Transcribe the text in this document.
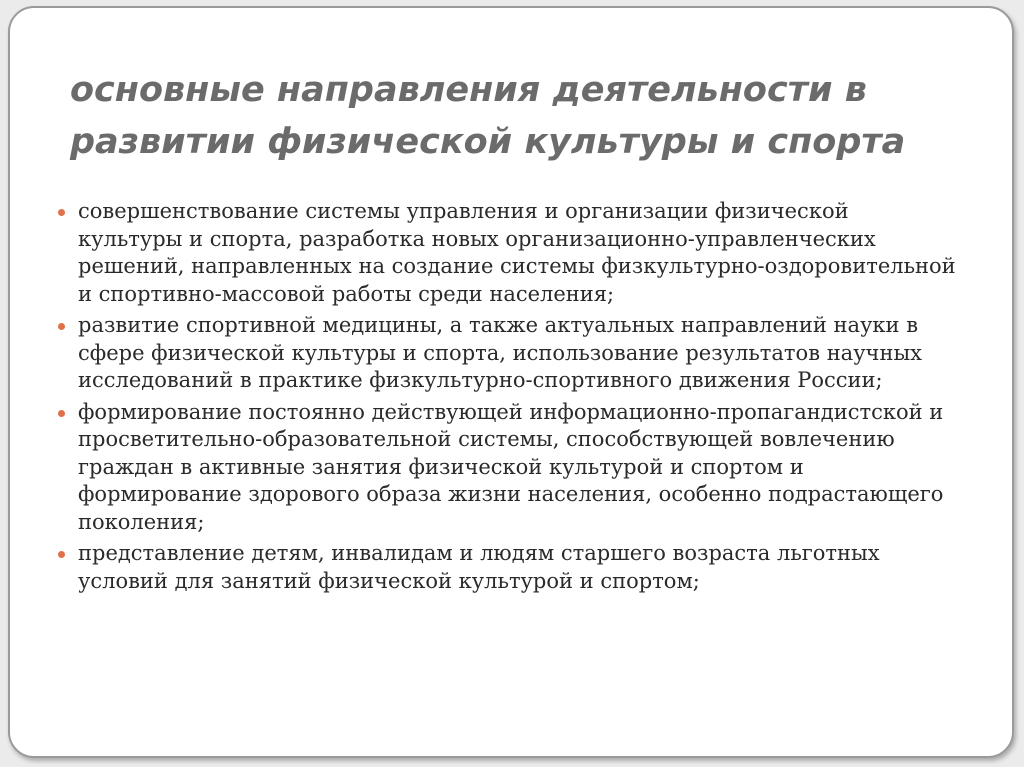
основные направления деятельности в развитии физической культуры и спорта
совершенствование системы управления и организации физической культуры и спорта, разработка новых организационно-управленческих решений, направленных на создание системы физкультурно-оздоровительной и спортивно-массовой работы среди населения;
развитие спортивной медицины, а также актуальных направлений науки в сфере физической культуры и спорта, использование результатов научных исследований в практике физкультурно-спортивного движения России;
формирование постоянно действующей информационно-пропагандистской и просветительно-образовательной системы, способствующей вовлечению граждан в активные занятия физической культурой и спортом и формирование здорового образа жизни населения, особенно подрастающего поколения;
представление детям, инвалидам и людям старшего возраста льготных условий для занятий физической культурой и спортом;
